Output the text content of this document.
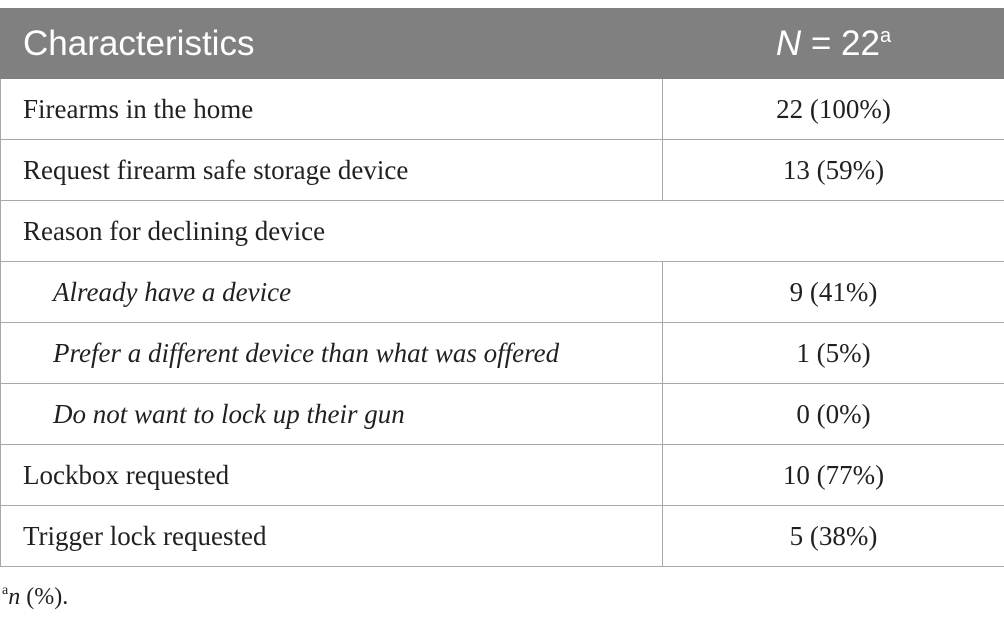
Characteristics	$N = 22^a$
Firearms in the home	22 (100%)
Request firearm safe storage device	13 (59%)
Reason for declining device	
Already have a device	9 (41%)
Prefer a different device than what was offered	1 (5%)
Do not want to lock up their gun	0 (0%)
Lockbox requested	10 (77%)
Trigger lock requested	5 (38%)
$^a$n (%).
